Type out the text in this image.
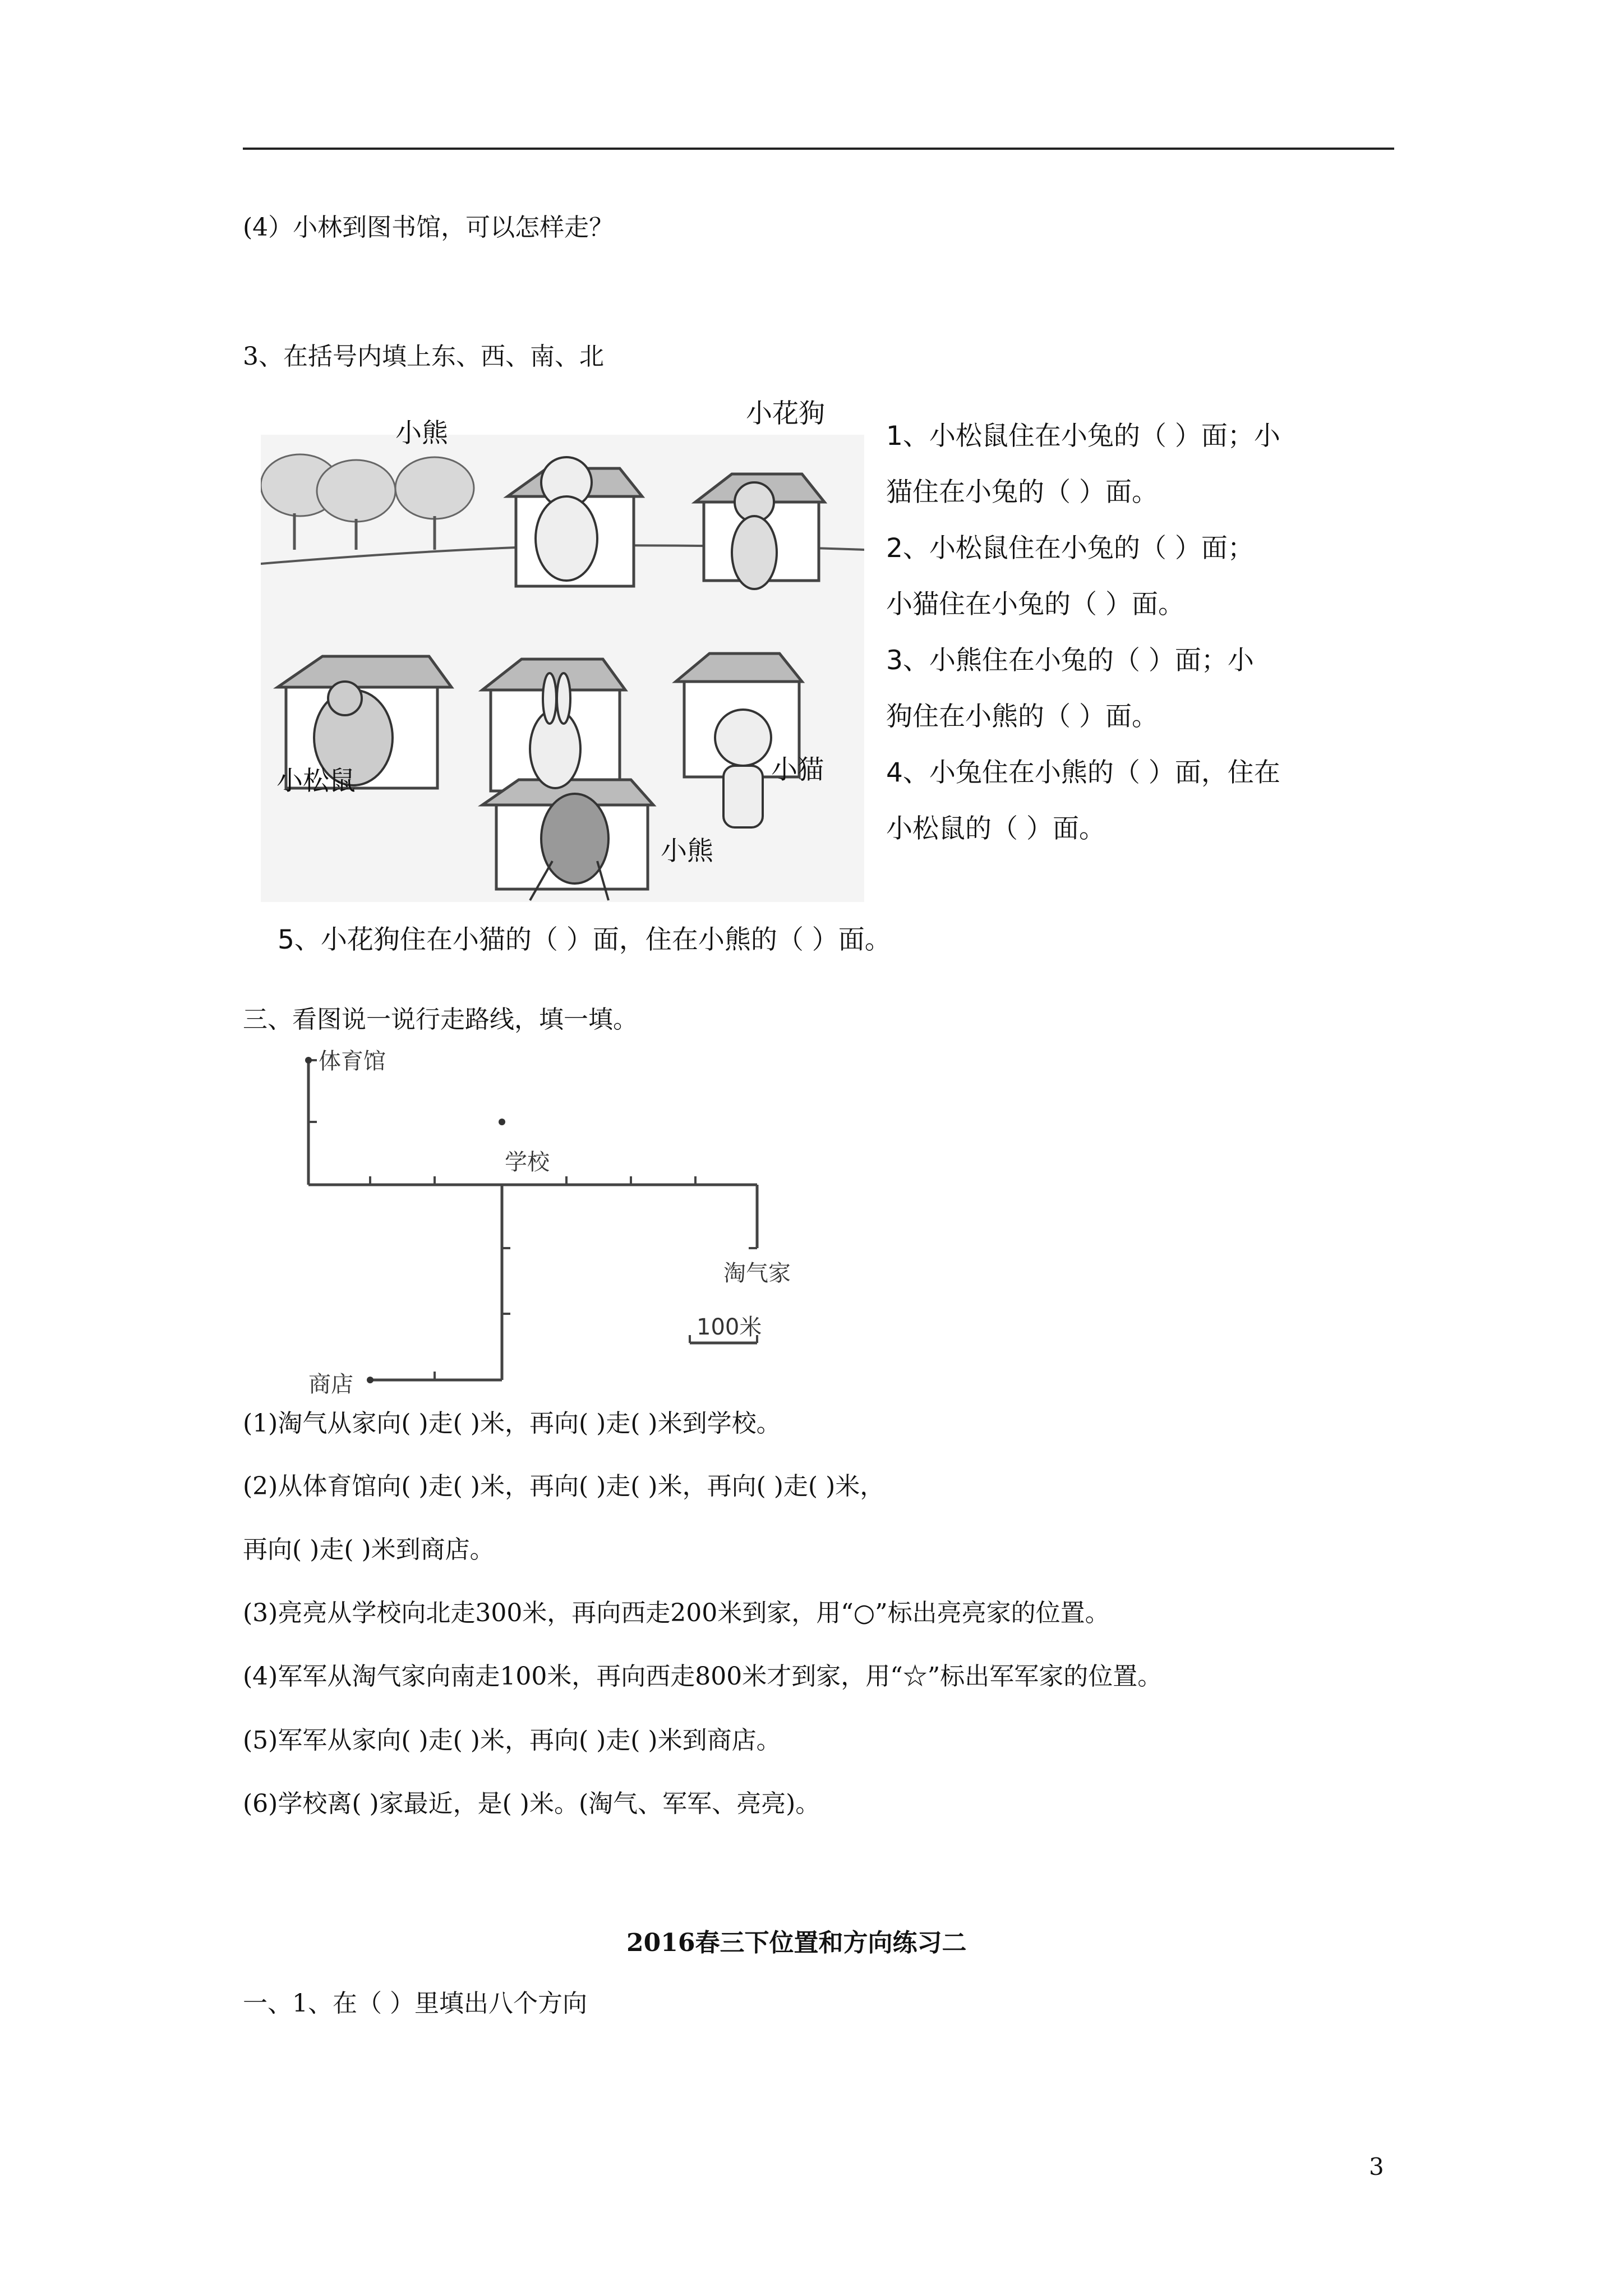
(4）小林到图书馆，可以怎样走？
3、在括号内填上东、西、南、北
小熊
小花狗
小松鼠	小猫
小熊
1、小松鼠住在小兔的（ ）面；小
猫住在小兔的（ ）面。
2、小松鼠住在小兔的（ ）面；
小猫住在小兔的（ ）面。
3、小熊住在小兔的（ ）面；小
狗住在小熊的（ ）面。
4、小兔住在小熊的（ ）面，住在
小松鼠的（ ）面。
5、小花狗住在小猫的（ ）面，住在小熊的（ ）面。
三、看图说一说行走路线，填一填。
体育馆
学校
淘气家
100米
商店
(1)淘气从家向( )走( )米，再向( )走( )米到学校。
(2)从体育馆向( )走( )米，再向( )走( )米，再向( )走( )米，
再向( )走( )米到商店。
(3)亮亮从学校向北走300米，再向西走200米到家，用“○”标出亮亮家的位置。
(4)军军从淘气家向南走100米，再向西走800米才到家，用“☆”标出军军家的位置。
(5)军军从家向( )走( )米，再向( )走( )米到商店。
(6)学校离( )家最近，是( )米。(淘气、军军、亮亮)。
2016春三下位置和方向练习二
一、1、在（ ）里填出八个方向
3
